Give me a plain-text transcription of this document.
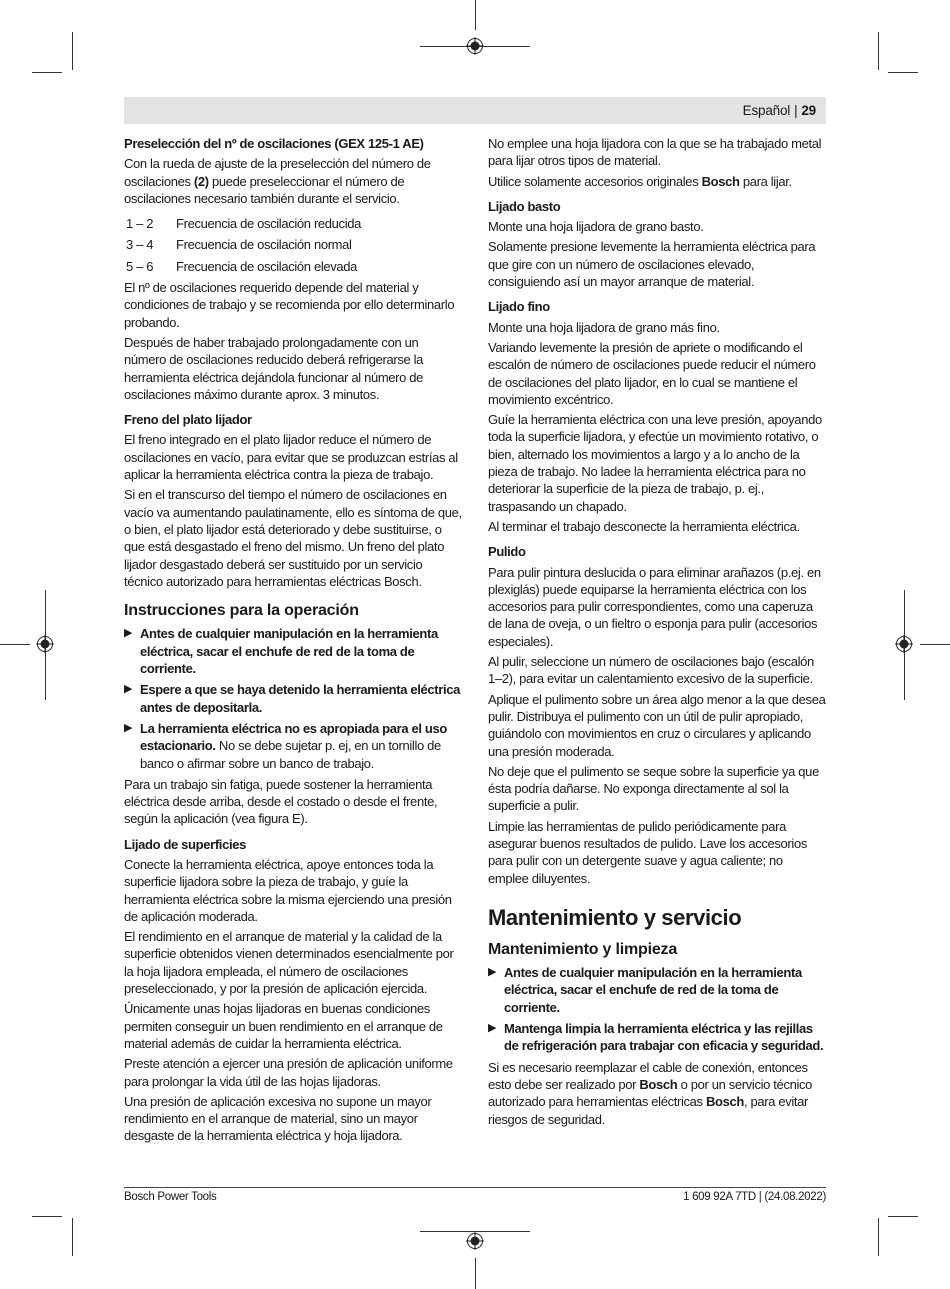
Español | 29
Preselección del nº de oscilaciones (GEX 125-1 AE)

Con la rueda de ajuste de la preselección del número de oscilaciones (2) puede preseleccionar el número de oscilaciones necesario también durante el servicio.

1 – 2	Frecuencia de oscilación reducida
3 – 4	Frecuencia de oscilación normal
5 – 6	Frecuencia de oscilación elevada

El nº de oscilaciones requerido depende del material y condiciones de trabajo y se recomienda por ello determinarlo probando.

Después de haber trabajado prolongadamente con un número de oscilaciones reducido deberá refrigerarse la herramienta eléctrica dejándola funcionar al número de oscilaciones máximo durante aprox. 3 minutos.

Freno del plato lijador

El freno integrado en el plato lijador reduce el número de oscilaciones en vacío, para evitar que se produzcan estrías al aplicar la herramienta eléctrica contra la pieza de trabajo.

Si en el transcurso del tiempo el número de oscilaciones en vacío va aumentando paulatinamente, ello es síntoma de que, o bien, el plato lijador está deteriorado y debe sustituirse, o que está desgastado el freno del mismo. Un freno del plato lijador desgastado deberá ser sustituido por un servicio técnico autorizado para herramientas eléctricas Bosch.

Instrucciones para la operación
▶ Antes de cualquier manipulación en la herramienta eléctrica, sacar el enchufe de red de la toma de corriente.
▶ Espere a que se haya detenido la herramienta eléctrica antes de depositarla.
▶ La herramienta eléctrica no es apropiada para el uso estacionario. No se debe sujetar p. ej, en un tornillo de banco o afirmar sobre un banco de trabajo.

Para un trabajo sin fatiga, puede sostener la herramienta eléctrica desde arriba, desde el costado o desde el frente, según la aplicación (vea figura E).

Lijado de superficies

Conecte la herramienta eléctrica, apoye entonces toda la superficie lijadora sobre la pieza de trabajo, y guíe la herramienta eléctrica sobre la misma ejerciendo una presión de aplicación moderada.

El rendimiento en el arranque de material y la calidad de la superficie obtenidos vienen determinados esencialmente por la hoja lijadora empleada, el número de oscilaciones preseleccionado, y por la presión de aplicación ejercida.

Únicamente unas hojas lijadoras en buenas condiciones permiten conseguir un buen rendimiento en el arranque de material además de cuidar la herramienta eléctrica.

Preste atención a ejercer una presión de aplicación uniforme para prolongar la vida útil de las hojas lijadoras.

Una presión de aplicación excesiva no supone un mayor rendimiento en el arranque de material, sino un mayor desgaste de la herramienta eléctrica y hoja lijadora.

No emplee una hoja lijadora con la que se ha trabajado metal para lijar otros tipos de material.

Utilice solamente accesorios originales Bosch para lijar.

Lijado basto

Monte una hoja lijadora de grano basto.

Solamente presione levemente la herramienta eléctrica para que gire con un número de oscilaciones elevado, consiguiendo así un mayor arranque de material.

Lijado fino

Monte una hoja lijadora de grano más fino.

Variando levemente la presión de apriete o modificando el escalón de número de oscilaciones puede reducir el número de oscilaciones del plato lijador, en lo cual se mantiene el movimiento excéntrico.

Guíe la herramienta eléctrica con una leve presión, apoyando toda la superficie lijadora, y efectúe un movimiento rotativo, o bien, alternado los movimientos a largo y a lo ancho de la pieza de trabajo. No ladee la herramienta eléctrica para no deteriorar la superficie de la pieza de trabajo, p. ej., traspasando un chapado.

Al terminar el trabajo desconecte la herramienta eléctrica.

Pulido

Para pulir pintura deslucida o para eliminar arañazos (p.ej. en plexiglás) puede equiparse la herramienta eléctrica con los accesorios para pulir correspondientes, como una caperuza de lana de oveja, o un fieltro o esponja para pulir (accesorios especiales).

Al pulir, seleccione un número de oscilaciones bajo (escalón 1–2), para evitar un calentamiento excesivo de la superficie.

Aplique el pulimento sobre un área algo menor a la que desea pulir. Distribuya el pulimento con un útil de pulir apropiado, guiándolo con movimientos en cruz o circulares y aplicando una presión moderada.

No deje que el pulimento se seque sobre la superficie ya que ésta podría dañarse. No exponga directamente al sol la superficie a pulir.

Limpie las herramientas de pulido periódicamente para asegurar buenos resultados de pulido. Lave los accesorios para pulir con un detergente suave y agua caliente; no emplee diluyentes.

Mantenimiento y servicio
Mantenimiento y limpieza
▶ Antes de cualquier manipulación en la herramienta eléctrica, sacar el enchufe de red de la toma de corriente.
▶ Mantenga limpia la herramienta eléctrica y las rejillas de refrigeración para trabajar con eficacia y seguridad.

Si es necesario reemplazar el cable de conexión, entonces esto debe ser realizado por Bosch o por un servicio técnico autorizado para herramientas eléctricas Bosch, para evitar riesgos de seguridad.

Bosch Power Tools	1 609 92A 7TD | (24.08.2022)
